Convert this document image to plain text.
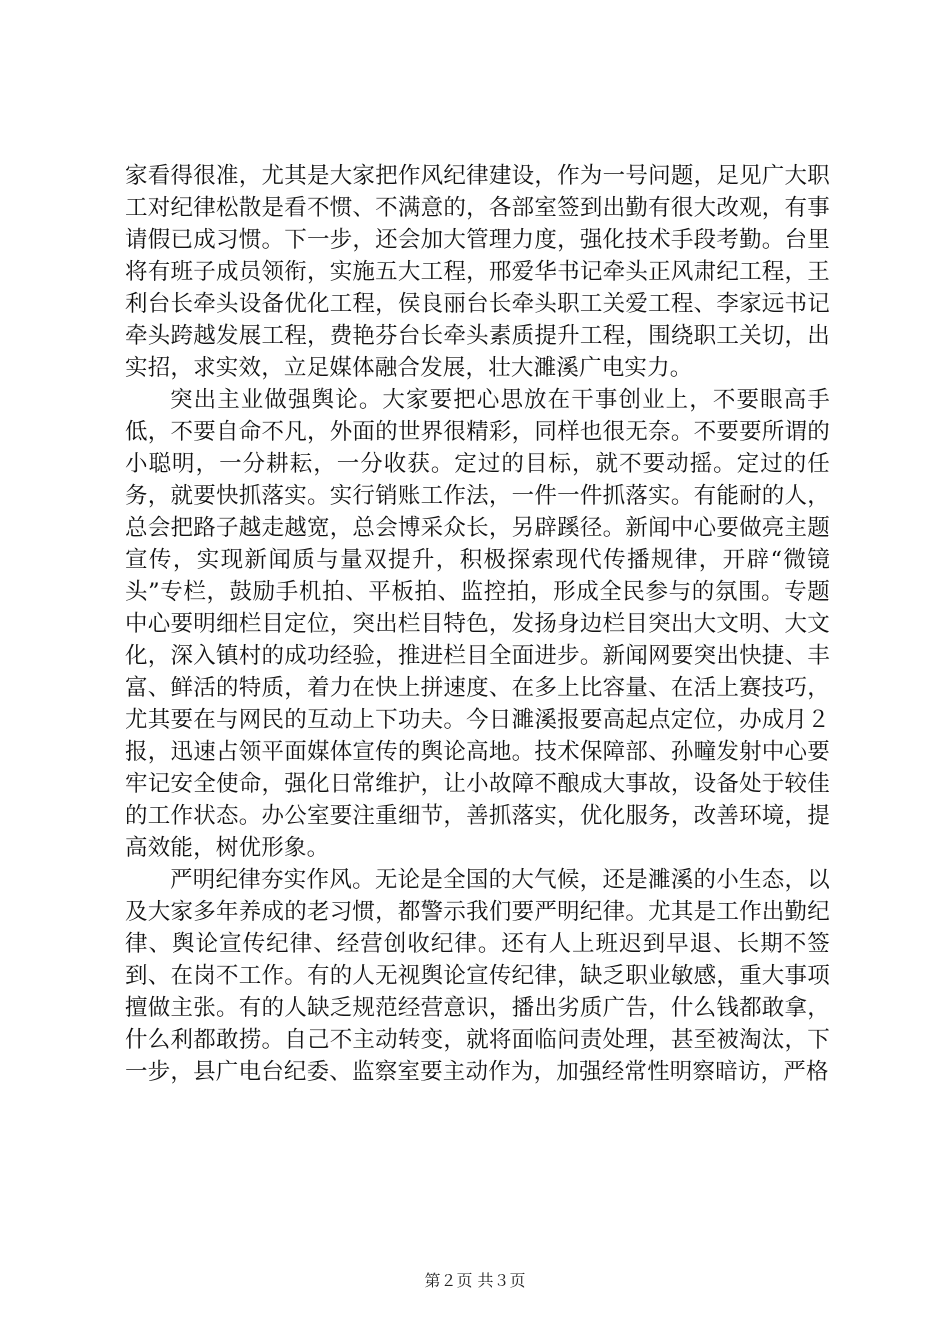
家看得很准，尤其是大家把作风纪律建设，作为一号问题，足见广大职工对纪律松散是看不惯、不满意的，各部室签到出勤有很大改观，有事请假已成习惯。下一步，还会加大管理力度，强化技术手段考勤。台里将有班子成员领衔，实施五大工程，邢爱华书记牵头正风肃纪工程，王利台长牵头设备优化工程，侯良丽台长牵头职工关爱工程、李家远书记牵头跨越发展工程，费艳芬台长牵头素质提升工程，围绕职工关切，出实招，求实效，立足媒体融合发展，壮大濉溪广电实力。

突出主业做强舆论。大家要把心思放在干事创业上，不要眼高手低，不要自命不凡，外面的世界很精彩，同样也很无奈。不要要所谓的小聪明，一分耕耘，一分收获。定过的目标，就不要动摇。定过的任务，就要快抓落实。实行销账工作法，一件一件抓落实。有能耐的人，总会把路子越走越宽，总会博采众长，另辟蹊径。新闻中心要做亮主题宣传，实现新闻质与量双提升，积极探索现代传播规律，开辟“微镜头”专栏，鼓励手机拍、平板拍、监控拍，形成全民参与的氛围。专题中心要明细栏目定位，突出栏目特色，发扬身边栏目突出大文明、大文化，深入镇村的成功经验，推进栏目全面进步。新闻网要突出快捷、丰富、鲜活的特质，着力在快上拼速度、在多上比容量、在活上赛技巧，尤其要在与网民的互动上下功夫。今日濉溪报要高起点定位，办成月２报，迅速占领平面媒体宣传的舆论高地。技术保障部、孙疃发射中心要牢记安全使命，强化日常维护，让小故障不酿成大事故，设备处于较佳的工作状态。办公室要注重细节，善抓落实，优化服务，改善环境，提高效能，树优形象。

严明纪律夯实作风。无论是全国的大气候，还是濉溪的小生态，以及大家多年养成的老习惯，都警示我们要严明纪律。尤其是工作出勤纪律、舆论宣传纪律、经营创收纪律。还有人上班迟到早退、长期不签到、在岗不工作。有的人无视舆论宣传纪律，缺乏职业敏感，重大事项擅做主张。有的人缺乏规范经营意识，播出劣质广告，什么钱都敢拿，什么利都敢捞。自己不主动转变，就将面临问责处理，甚至被淘汰，下一步，县广电台纪委、监察室要主动作为，加强经常性明察暗访，严格

第２页 共３页
